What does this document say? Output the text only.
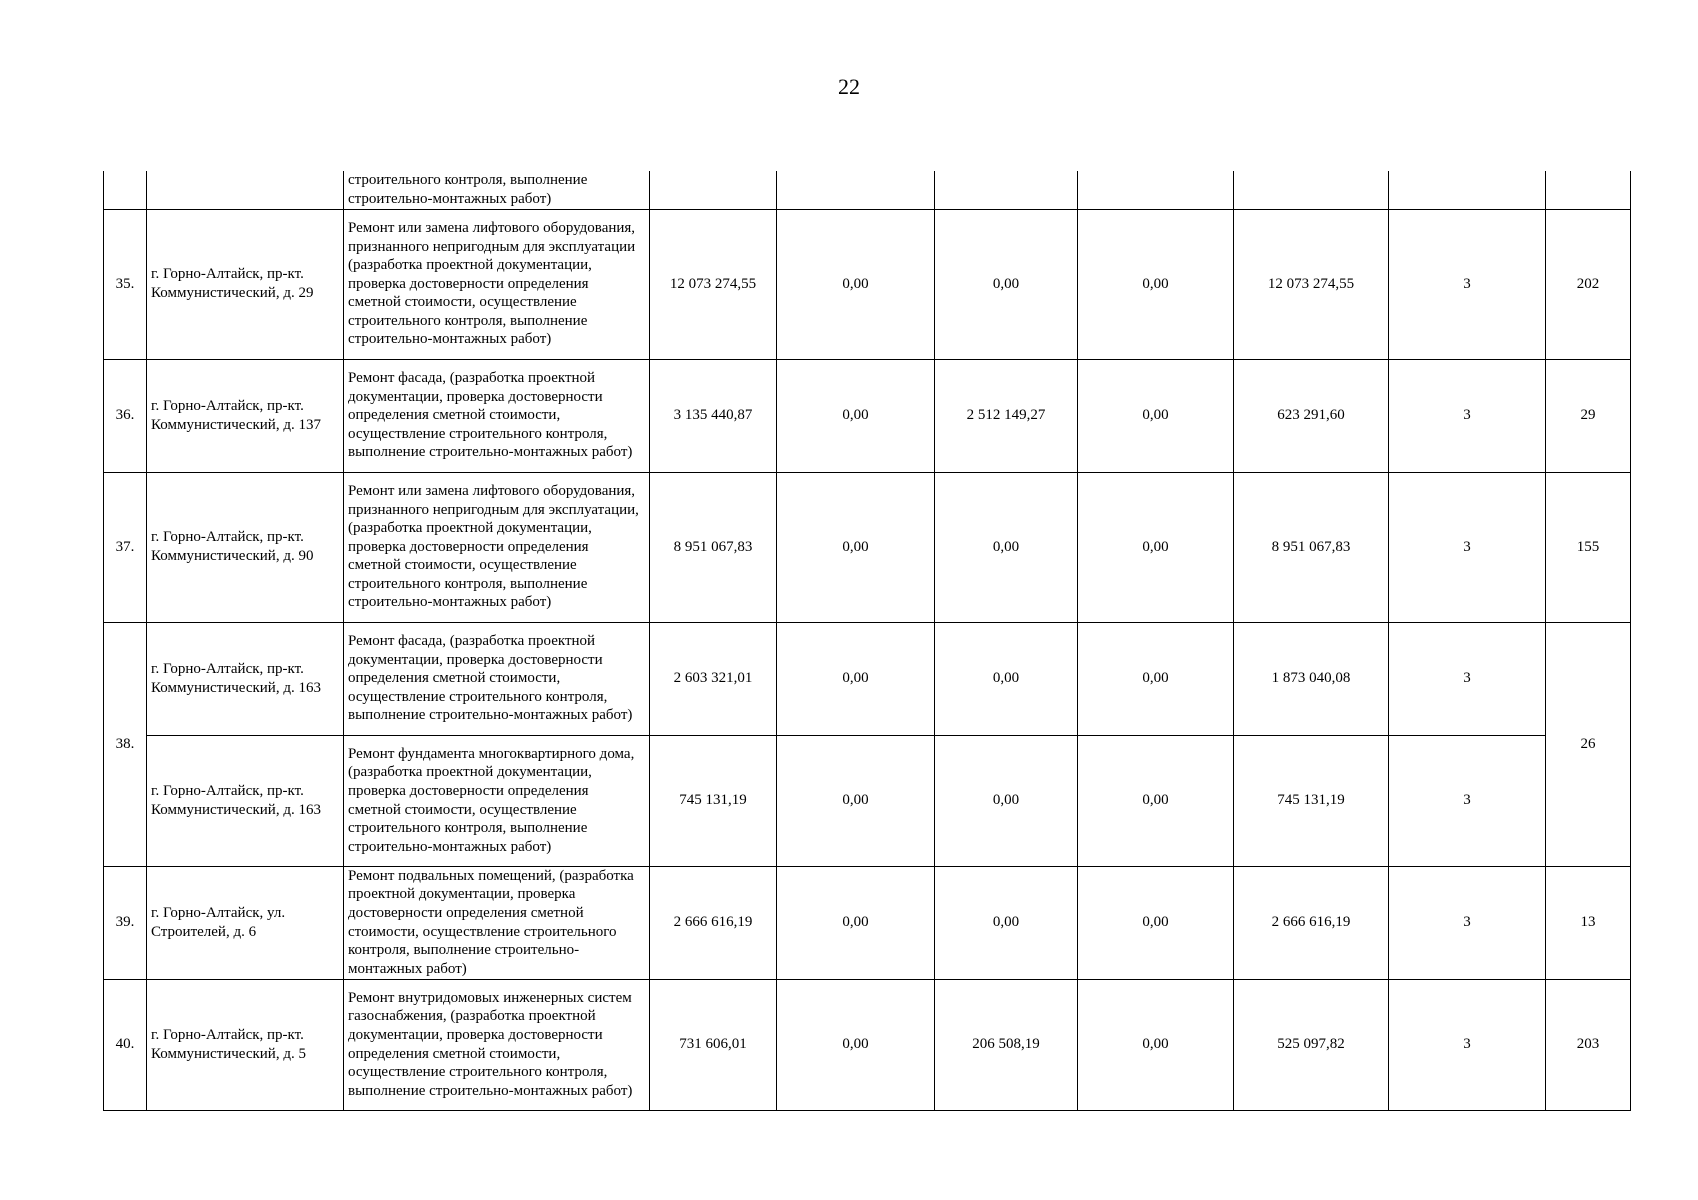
22
		строительного контроля, выполнение строительно-монтажных работ)							
35.	г. Горно-Алтайск, пр-кт. Коммунистический, д. 29	Ремонт или замена лифтового оборудования, признанного непригодным для эксплуатации (разработка проектной документации, проверка достоверности определения сметной стоимости, осуществление строительного контроля, выполнение строительно-монтажных работ)	12 073 274,55	0,00	0,00	0,00	12 073 274,55	3	202
36.	г. Горно-Алтайск, пр-кт. Коммунистический, д. 137	Ремонт фасада, (разработка проектной документации, проверка достоверности определения сметной стоимости, осуществление строительного контроля, выполнение строительно-монтажных работ)	3 135 440,87	0,00	2 512 149,27	0,00	623 291,60	3	29
37.	г. Горно-Алтайск, пр-кт. Коммунистический, д. 90	Ремонт или замена лифтового оборудования, признанного непригодным для эксплуатации, (разработка проектной документации, проверка достоверности определения сметной стоимости, осуществление строительного контроля, выполнение строительно-монтажных работ)	8 951 067,83	0,00	0,00	0,00	8 951 067,83	3	155
38.	г. Горно-Алтайск, пр-кт. Коммунистический, д. 163	Ремонт фасада, (разработка проектной документации, проверка достоверности определения сметной стоимости, осуществление строительного контроля, выполнение строительно-монтажных работ)	2 603 321,01	0,00	0,00	0,00	1 873 040,08	3	26
	г. Горно-Алтайск, пр-кт. Коммунистический, д. 163	Ремонт фундамента многоквартирного дома, (разработка проектной документации, проверка достоверности определения сметной стоимости, осуществление строительного контроля, выполнение строительно-монтажных работ)	745 131,19	0,00	0,00	0,00	745 131,19	3	
39.	г. Горно-Алтайск, ул. Строителей, д. 6	Ремонт подвальных помещений, (разработка проектной документации, проверка достоверности определения сметной стоимости, осуществление строительного контроля, выполнение строительно-монтажных работ)	2 666 616,19	0,00	0,00	0,00	2 666 616,19	3	13
40.	г. Горно-Алтайск, пр-кт. Коммунистический, д. 5	Ремонт внутридомовых инженерных систем газоснабжения, (разработка проектной документации, проверка достоверности определения сметной стоимости, осуществление строительного контроля, выполнение строительно-монтажных работ)	731 606,01	0,00	206 508,19	0,00	525 097,82	3	203
